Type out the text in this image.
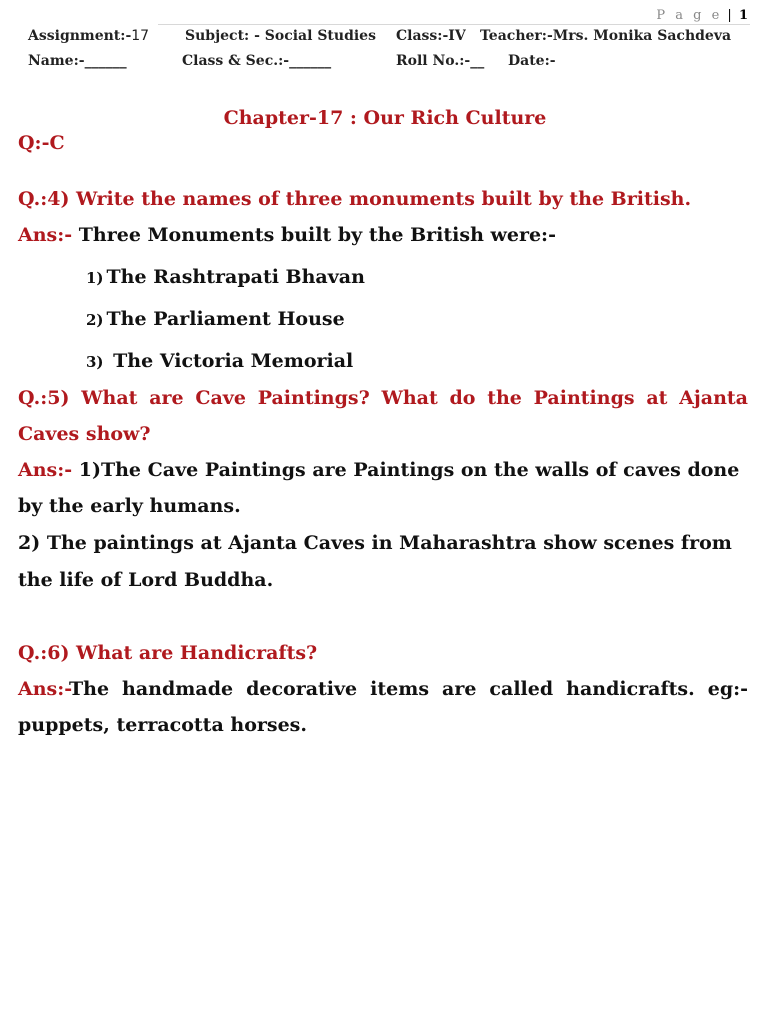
P a g e | 1
Assignment:-17	Subject: - Social Studies Class:-IV Teacher:-Mrs. Monika Sachdeva
Name:-______	Class & Sec.:-______	Roll No.:-__ Date:-
Chapter-17 : Our Rich Culture
Q:-C
Q.:4) Write the names of three monuments built by the British.
Ans:- Three Monuments built by the British were:-
1) The Rashtrapati Bhavan
2) The Parliament House
3) The Victoria Memorial
Q.:5) What are Cave Paintings? What do the Paintings at Ajanta
Caves show?
Ans:- 1)The Cave Paintings are Paintings on the walls of caves done
by the early humans.
2) The paintings at Ajanta Caves in Maharashtra show scenes from
the life of Lord Buddha.
Q.:6) What are Handicrafts?
Ans:-The handmade decorative items are called handicrafts. eg:-
puppets, terracotta horses.
